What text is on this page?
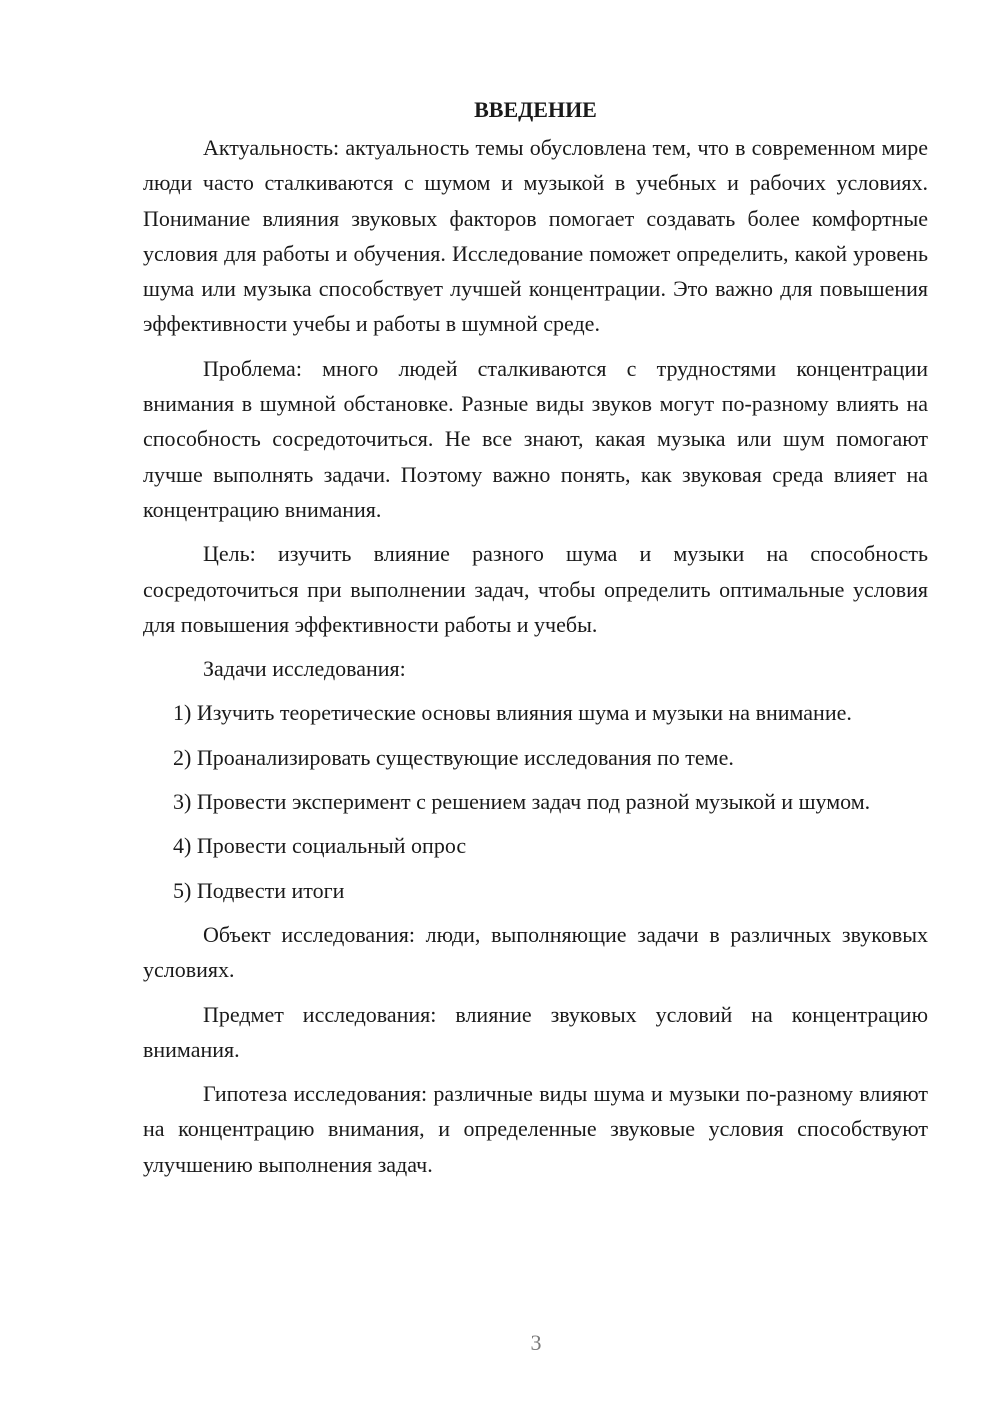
ВВЕДЕНИЕ

Актуальность: актуальность темы обусловлена тем, что в современном мире люди часто сталкиваются с шумом и музыкой в учебных и рабочих условиях. Понимание влияния звуковых факторов помогает создавать более комфортные условия для работы и обучения. Исследование поможет определить, какой уровень шума или музыка способствует лучшей концентрации. Это важно для повышения эффективности учебы и работы в шумной среде.

Проблема: много людей сталкиваются с трудностями концентрации внимания в шумной обстановке. Разные виды звуков могут по-разному влиять на способность сосредоточиться. Не все знают, какая музыка или шум помогают лучше выполнять задачи. Поэтому важно понять, как звуковая среда влияет на концентрацию внимания.

Цель: изучить влияние разного шума и музыки на способность сосредоточиться при выполнении задач, чтобы определить оптимальные условия для повышения эффективности работы и учебы.

Задачи исследования:

1) Изучить теоретические основы влияния шума и музыки на внимание.

2) Проанализировать существующие исследования по теме.

3) Провести эксперимент с решением задач под разной музыкой и шумом.

4) Провести социальный опрос

5) Подвести итоги

Объект исследования: люди, выполняющие задачи в различных звуковых условиях.

Предмет исследования: влияние звуковых условий на концентрацию внимания.

Гипотеза исследования: различные виды шума и музыки по-разному влияют на концентрацию внимания, и определенные звуковые условия способствуют улучшению выполнения задач.

3
